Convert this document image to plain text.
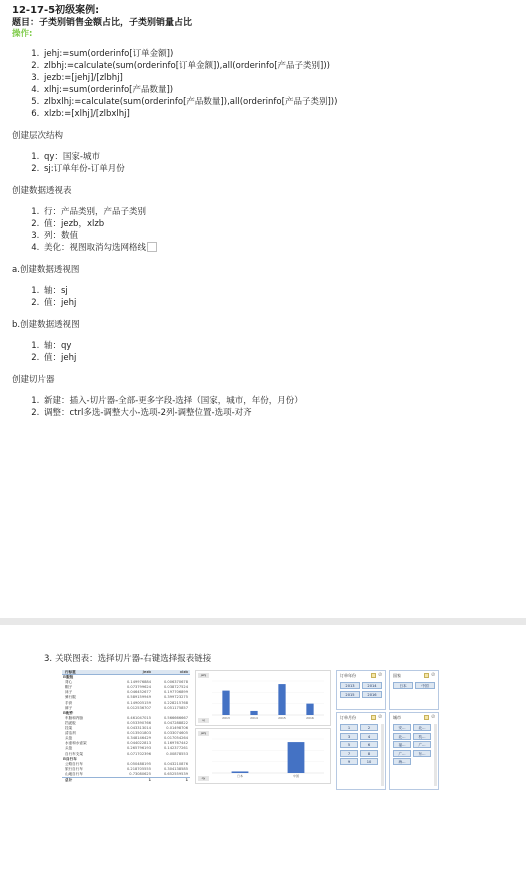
12-17-5初级案例:

题目：子类别销售金额占比，子类别销量占比

操作:

1. jehj:=sum(orderinfo[订单金额])
2. zlbhj:=calculate(sum(orderinfo[订单金额]),all(orderinfo[产品子类别]))
3. jezb:=[jehj]/[zlbhj]
4. xlhj:=sum(orderinfo[产品数量])
5. zlbxlhj:=calculate(sum(orderinfo[产品数量]),all(orderinfo[产品子类别]))
6. xlzb:=[xlhj]/[zlbxlhj]

创建层次结构

1. qy：国家-城市
2. sj:订单年份-订单月份

创建数据透视表

1. 行：产品类别，产品子类别
2. 值：jezb，xlzb
3. 列：数值
4. 美化：视图取消勾选网格线

a.创建数据透视图

1. 轴：sj
2. 值：jehj

b.创建数据透视图

1. 轴：qy
2. 值：jehj

创建切片器

1. 新建：插入-切片器-全部-更多字段-选择（国家，城市，年份，月份）
2. 调整：ctrl多选-调整大小-选项-2列-调整位置-选项-对齐
3. 关联图表：选择切片器-右键选择报表链接
行标签	jezb	xlzb
⊟服装
背心	0.149976884	0.006370678
帽子	0.073799624	0.038727524
袜子	0.046452677	0.197706899
骑行服	0.589159949	0.399723275
手套	0.149005159	0.228215768
裤子	0.012536707	0.051175857
⊟配件
车胎和内胎	0.461047015	0.566666667
挡泥板	0.053390766	0.047288822
挂架	0.043313014	0.01498706
清洁剂	0.013501803	0.033074605
头盔	0.348146429	0.017054264
水壶和水壶架	0.044022813	0.169767442
头盔	0.265796193	0.142377261
自行车支架	0.071702396	0.00878553
⊟自行车
公路自行车	0.050488195	0.043210876
旅行自行车	0.218705555	0.304138585
山地自行车	0.73080625	0.652559539
总计	1	1
jehj
2013	2014	2015	2016
sj
jehj
日本	中国
qy
订单年份	⊘
2013	2014
2015	2016
国家	⊘
日本	中国
订单月份	⊘
1	2
3	4
5	6
7	8
9	10
城市	⊘
安...	北...
北...	杭...
福...	广...
广...	东...
海...
